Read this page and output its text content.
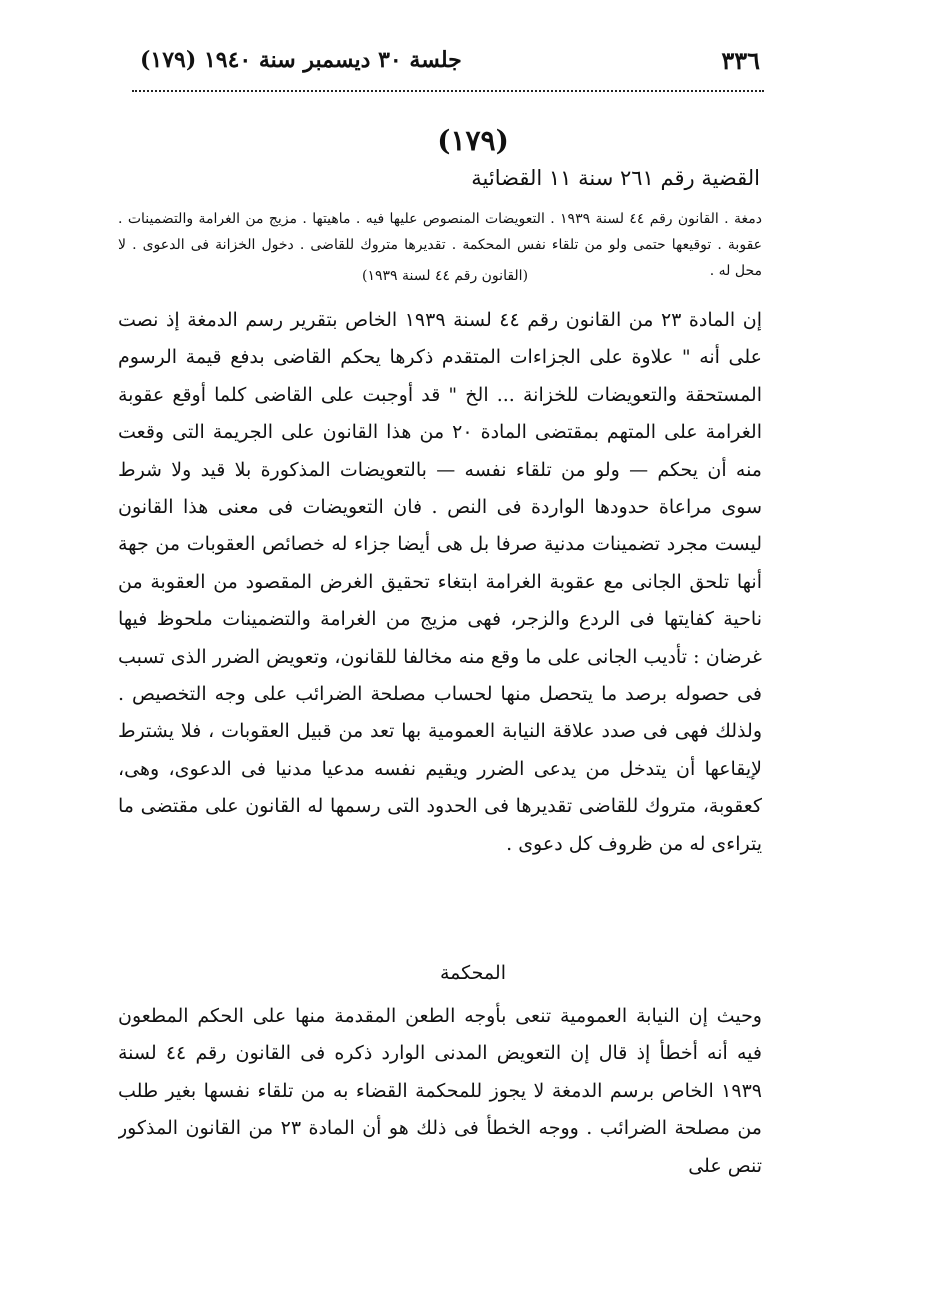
٣٣٦
جلسة ٣٠ ديسمبر سنة ١٩٤٠ (١٧٩)
(١٧٩)
القضية رقم ٢٦١ سنة ١١ القضائية
دمغة . القانون رقم ٤٤ لسنة ١٩٣٩ . التعويضات المنصوص عليها فيه . ماهيتها . مزيج من الغرامة والتضمينات . عقوبة . توقيعها حتمى ولو من تلقاء نفس المحكمة . تقديرها متروك للقاضى . دخول الخزانة فى الدعوى . لا محل له .
(القانون رقم ٤٤ لسنة ١٩٣٩)
إن المادة ٢٣ من القانون رقم ٤٤ لسنة ١٩٣٩ الخاص بتقرير رسم الدمغة إذ نصت على أنه " علاوة على الجزاءات المتقدم ذكرها يحكم القاضى بدفع قيمة الرسوم المستحقة والتعويضات للخزانة ... الخ " قد أوجبت على القاضى كلما أوقع عقوبة الغرامة على المتهم بمقتضى المادة ٢٠ من هذا القانون على الجريمة التى وقعت منه أن يحكم — ولو من تلقاء نفسه — بالتعويضات المذكورة بلا قيد ولا شرط سوى مراعاة حدودها الواردة فى النص . فان التعويضات فى معنى هذا القانون ليست مجرد تضمينات مدنية صرفا بل هى أيضا جزاء له خصائص العقوبات من جهة أنها تلحق الجانى مع عقوبة الغرامة ابتغاء تحقيق الغرض المقصود من العقوبة من ناحية كفايتها فى الردع والزجر، فهى مزيج من الغرامة والتضمينات ملحوظ فيها غرضان : تأديب الجانى على ما وقع منه مخالفا للقانون، وتعويض الضرر الذى تسبب فى حصوله برصد ما يتحصل منها لحساب مصلحة الضرائب على وجه التخصيص . ولذلك فهى فى صدد علاقة النيابة العمومية بها تعد من قبيل العقوبات ، فلا يشترط لإيقاعها أن يتدخل من يدعى الضرر ويقيم نفسه مدعيا مدنيا فى الدعوى، وهى، كعقوبة، متروك للقاضى تقديرها فى الحدود التى رسمها له القانون على مقتضى ما يتراءى له من ظروف كل دعوى .
المحكمة
وحيث إن النيابة العمومية تنعى بأوجه الطعن المقدمة منها على الحكم المطعون فيه أنه أخطأ إذ قال إن التعويض المدنى الوارد ذكره فى القانون رقم ٤٤ لسنة ١٩٣٩ الخاص برسم الدمغة لا يجوز للمحكمة القضاء به من تلقاء نفسها بغير طلب من مصلحة الضرائب . ووجه الخطأ فى ذلك هو أن المادة ٢٣ من القانون المذكور تنص على
